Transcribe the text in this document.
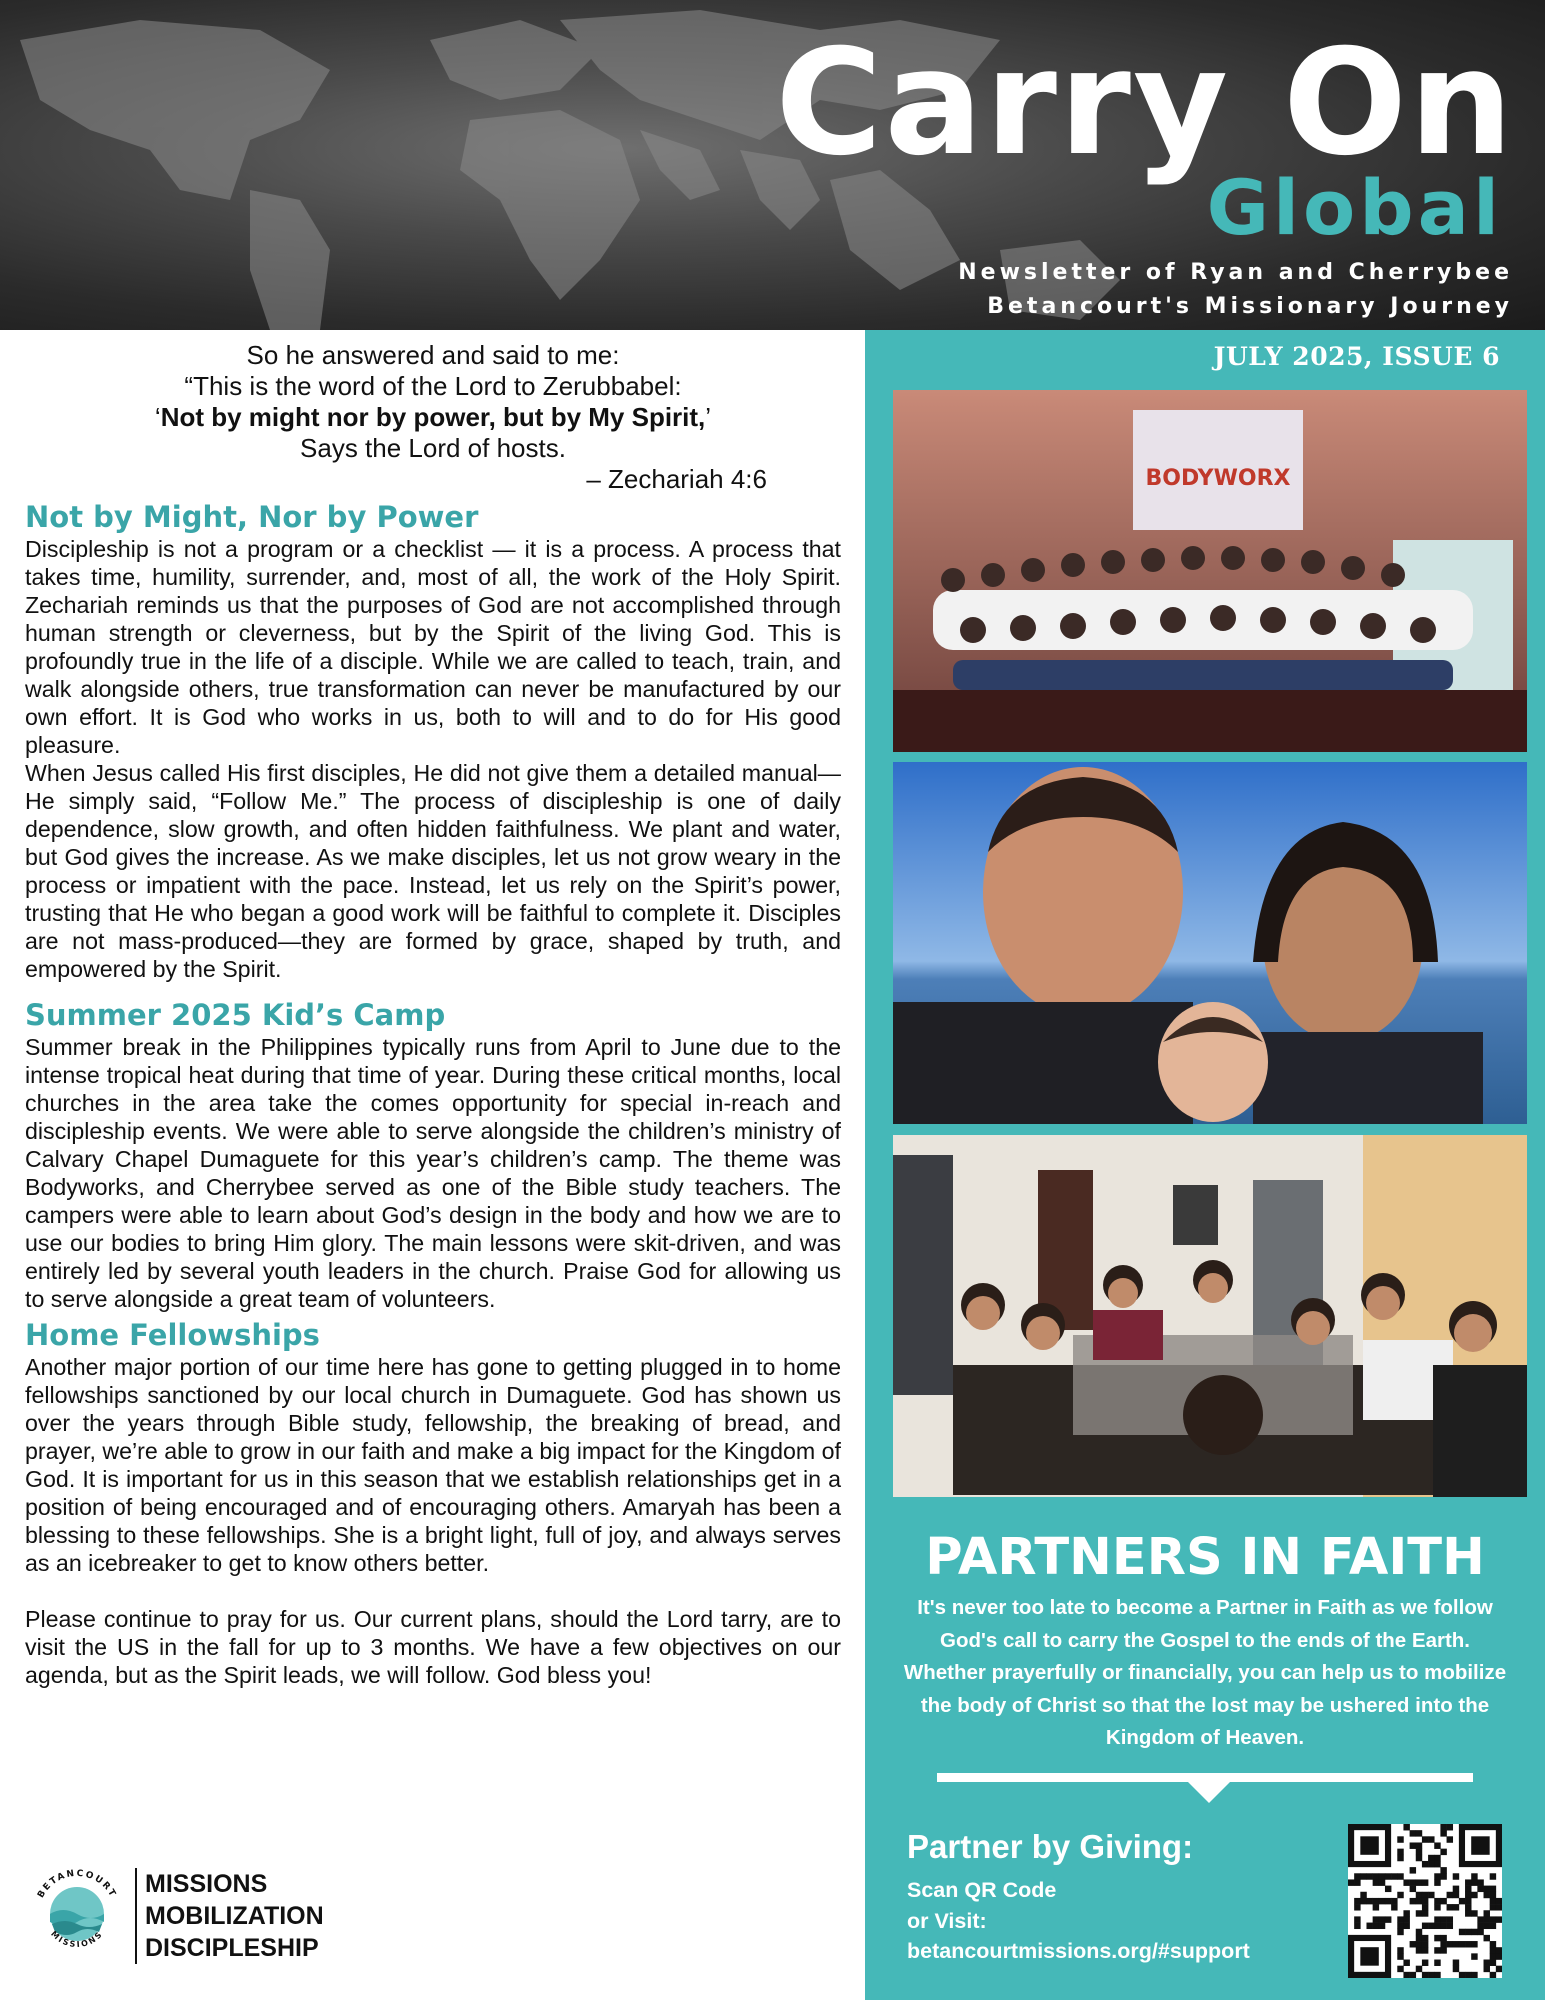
Carry On
Global
Newsletter of Ryan and Cherrybee
Betancourt's Missionary Journey
So he answered and said to me:
“This is the word of the Lord to Zerubbabel:
‘Not by might nor by power, but by My Spirit,’
Says the Lord of hosts.
– Zechariah 4:6
Not by Might, Nor by Power

Discipleship is not a program or a checklist — it is a process. A process that takes time, humility, surrender, and, most of all, the work of the Holy Spirit. Zechariah reminds us that the purposes of God are not accomplished through human strength or cleverness, but by the Spirit of the living God. This is profoundly true in the life of a disciple. While we are called to teach, train, and walk alongside others, true transformation can never be manufactured by our own effort. It is God who works in us, both to will and to do for His good pleasure.

When Jesus called His first disciples, He did not give them a detailed manual—He simply said, “Follow Me.” The process of discipleship is one of daily dependence, slow growth, and often hidden faithfulness. We plant and water, but God gives the increase. As we make disciples, let us not grow weary in the process or impatient with the pace. Instead, let us rely on the Spirit’s power, trusting that He who began a good work will be faithful to complete it. Disciples are not mass-produced—they are formed by grace, shaped by truth, and empowered by the Spirit.

Summer 2025 Kid’s Camp

Summer break in the Philippines typically runs from April to June due to the intense tropical heat during that time of year. During these critical months, local churches in the area take the comes opportunity for special in-reach and discipleship events. We were able to serve alongside the children’s ministry of Calvary Chapel Dumaguete for this year’s children’s camp. The theme was Bodyworks, and Cherrybee served as one of the Bible study teachers. The campers were able to learn about God’s design in the body and how we are to use our bodies to bring Him glory. The main lessons were skit-driven, and was entirely led by several youth leaders in the church. Praise God for allowing us to serve alongside a great team of volunteers.

Home Fellowships

Another major portion of our time here has gone to getting plugged in to home fellowships sanctioned by our local church in Dumaguete. God has shown us over the years through Bible study, fellowship, the breaking of bread, and prayer, we’re able to grow in our faith and make a big impact for the Kingdom of God. It is important for us in this season that we establish relationships get in a position of being encouraged and of encouraging others. Amaryah has been a blessing to these fellowships. She is a bright light, full of joy, and always serves as an icebreaker to get to know others better.

Please continue to pray for us. Our current plans, should the Lord tarry, are to visit the US in the fall for up to 3 months. We have a few objectives on our agenda, but as the Spirit leads, we will follow. God bless you!

BETANCOURT
MISSIONS
MISSIONS
MOBILIZATION
DISCIPLESHIP
JULY 2025, ISSUE 6
BODYWORX
PARTNERS IN FAITH
It's never too late to become a Partner in Faith as we follow God's call to carry the Gospel to the ends of the Earth. Whether prayerfully or financially, you can help us to mobilize the body of Christ so that the lost may be ushered into the Kingdom of Heaven.
Partner by Giving:
Scan QR Code
or Visit:
betancourtmissions.org/#support
